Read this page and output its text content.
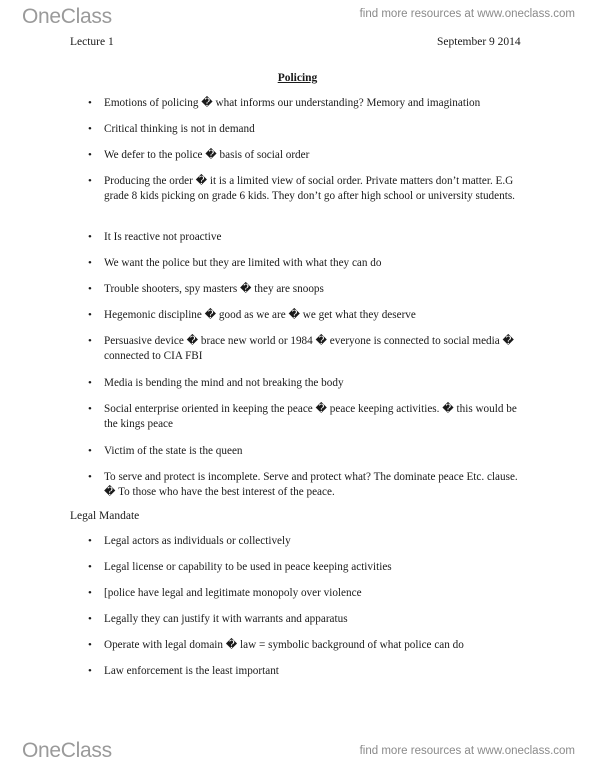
OneClass	find more resources at www.oneclass.com
Lecture 1	September 9 2014
Policing
• Emotions of policing � what informs our understanding? Memory and imagination
• Critical thinking is not in demand
• We defer to the police � basis of social order
• Producing the order � it is a limited view of social order. Private matters don’t matter. E.G grade 8 kids picking on grade 6 kids. They don’t go after high school or university students.
• It Is reactive not proactive
• We want the police but they are limited with what they can do
• Trouble shooters, spy masters � they are snoops
• Hegemonic discipline � good as we are � we get what they deserve
• Persuasive device � brace new world or 1984 � everyone is connected to social media � connected to CIA FBI
• Media is bending the mind and not breaking the body
• Social enterprise oriented in keeping the peace � peace keeping activities. � this would be the kings peace
• Victim of the state is the queen
• To serve and protect is incomplete. Serve and protect what? The dominate peace Etc. clause. � To those who have the best interest of the peace.
• Legal actors as individuals or collectively
• Legal license or capability to be used in peace keeping activities
• [police have legal and legitimate monopoly over violence
• Legally they can justify it with warrants and apparatus
• Operate with legal domain � law = symbolic background of what police can do
• Law enforcement is the least important
Legal Mandate
OneClass	find more resources at www.oneclass.com
